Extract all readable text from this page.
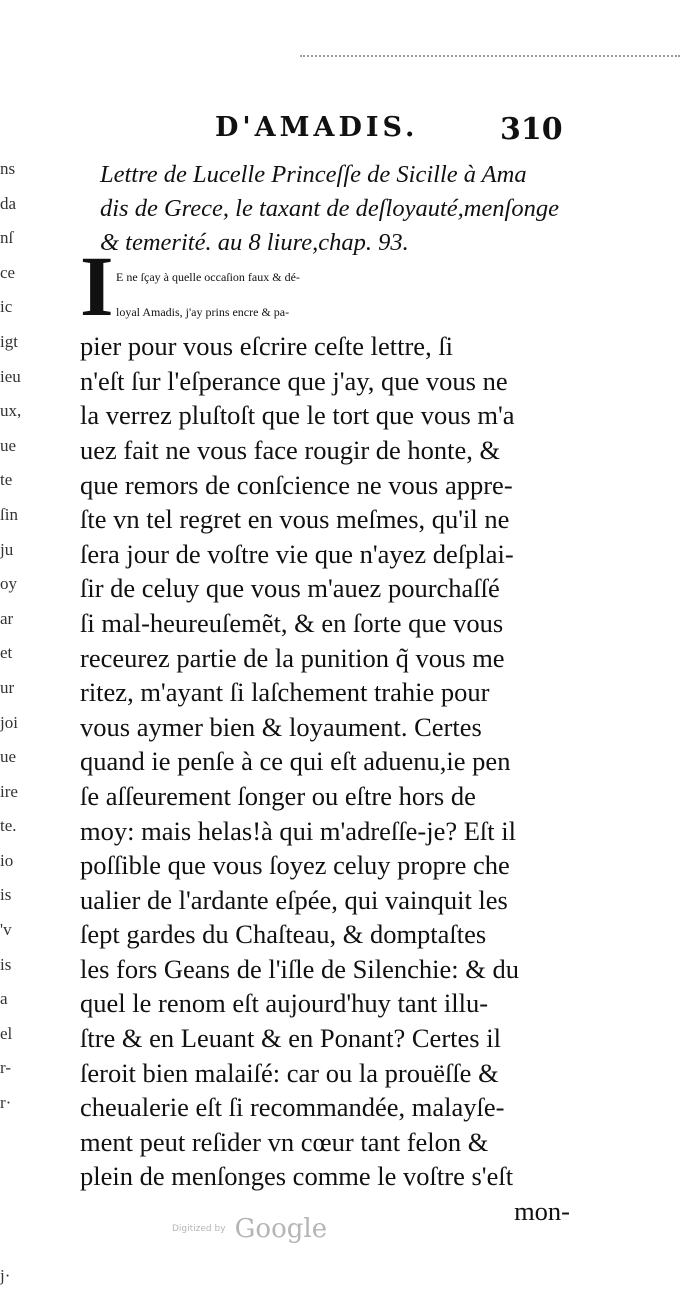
D'AMADIS.	310
ns
da
nſ
ce
ic
igt
ieu
ux,
ue
te
ſin
ju
oy
ar
et
ur
joi
ue
ire
te.
io
is
'v
is
a
el
r-
r·
j·
Lettre de Lucelle Princeſſe de Sicille à Ama
dis de Grece, le taxant de deſloyauté,menſonge
& temerité. au 8 liure,chap. 93.
I E ne ſçay à quelle occaſion faux & dé-
loyal Amadis, j'ay prins encre & pa-
pier pour vous eſcrire ceſte lettre, ſi
n'eſt ſur l'eſperance que j'ay, que vous ne
la verrez pluſtoſt que le tort que vous m'a
uez fait ne vous face rougir de honte, &
que remors de conſcience ne vous appre-
ſte vn tel regret en vous meſmes, qu'il ne
ſera jour de voſtre vie que n'ayez deſplai-
ſir de celuy que vous m'auez pourchaſſé
ſi mal-heureuſemẽt, & en ſorte que vous
receurez partie de la punition q̃ vous me
ritez, m'ayant ſi laſchement trahie pour
vous aymer bien & loyaument. Certes
quand ie penſe à ce qui eſt aduenu,ie pen
ſe aſſeurement ſonger ou eſtre hors de
moy: mais helas!à qui m'adreſſe-je? Eſt il
poſſible que vous ſoyez celuy propre che
ualier de l'ardante eſpée, qui vainquit les
ſept gardes du Chaſteau, & domptaſtes
les fors Geans de l'iſle de Silenchie: & du
quel le renom eſt aujourd'huy tant illu-
ſtre & en Leuant & en Ponant? Certes il
ſeroit bien malaiſé: car ou la prouëſſe &
cheualerie eſt ſi recommandée, malayſe-
ment peut reſider vn cœur tant felon &
plein de menſonges comme le voſtre s'eſt
mon-
Digitized by Google
